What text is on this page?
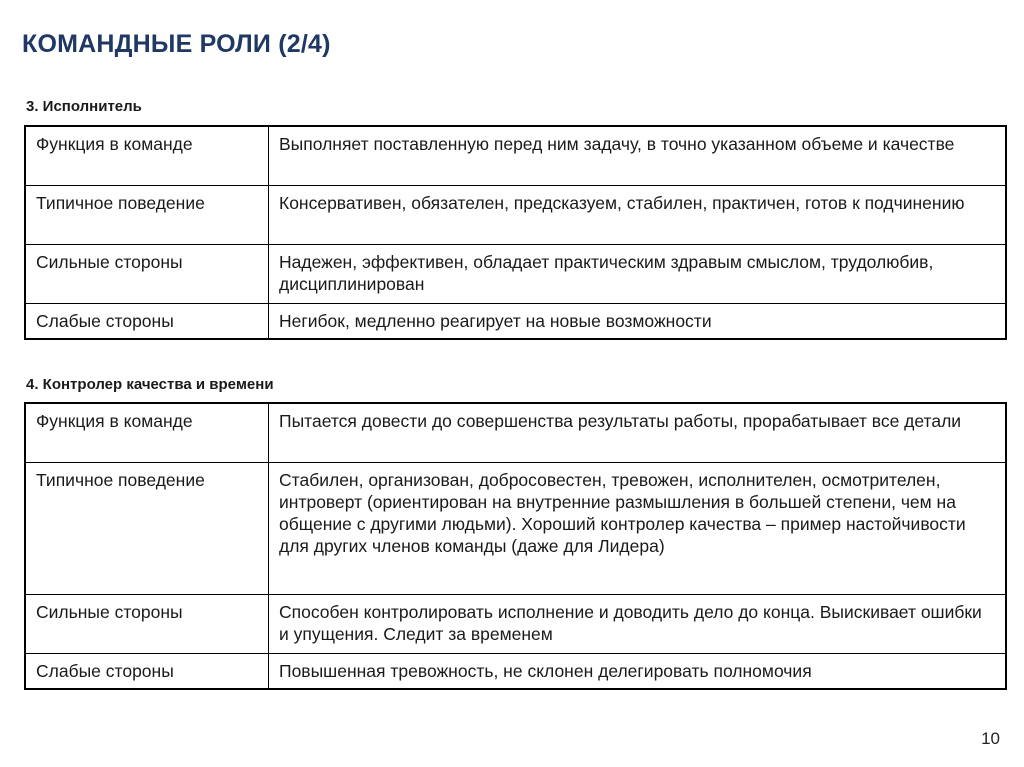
КОМАНДНЫЕ РОЛИ (2/4)
3. Исполнитель
Функция в команде	Выполняет поставленную перед ним задачу, в точно указанном объеме и качестве
Типичное поведение	Консервативен, обязателен, предсказуем, стабилен, практичен, готов к подчинению
Сильные стороны	Надежен, эффективен, обладает практическим здравым смыслом, трудолюбив, дисциплинирован
Слабые стороны	Негибок, медленно реагирует на новые возможности
4. Контролер качества и времени
Функция в команде	Пытается довести до совершенства результаты работы, прорабатывает все детали
Типичное поведение	Стабилен, организован, добросовестен, тревожен, исполнителен, осмотрителен, интроверт (ориентирован на внутренние размышления в большей степени, чем на общение с другими людьми). Хороший контролер качества – пример настойчивости для других членов команды (даже для Лидера)
Сильные стороны	Способен контролировать исполнение и доводить дело до конца. Выискивает ошибки и упущения. Следит за временем
Слабые стороны	Повышенная тревожность, не склонен делегировать полномочия
10
